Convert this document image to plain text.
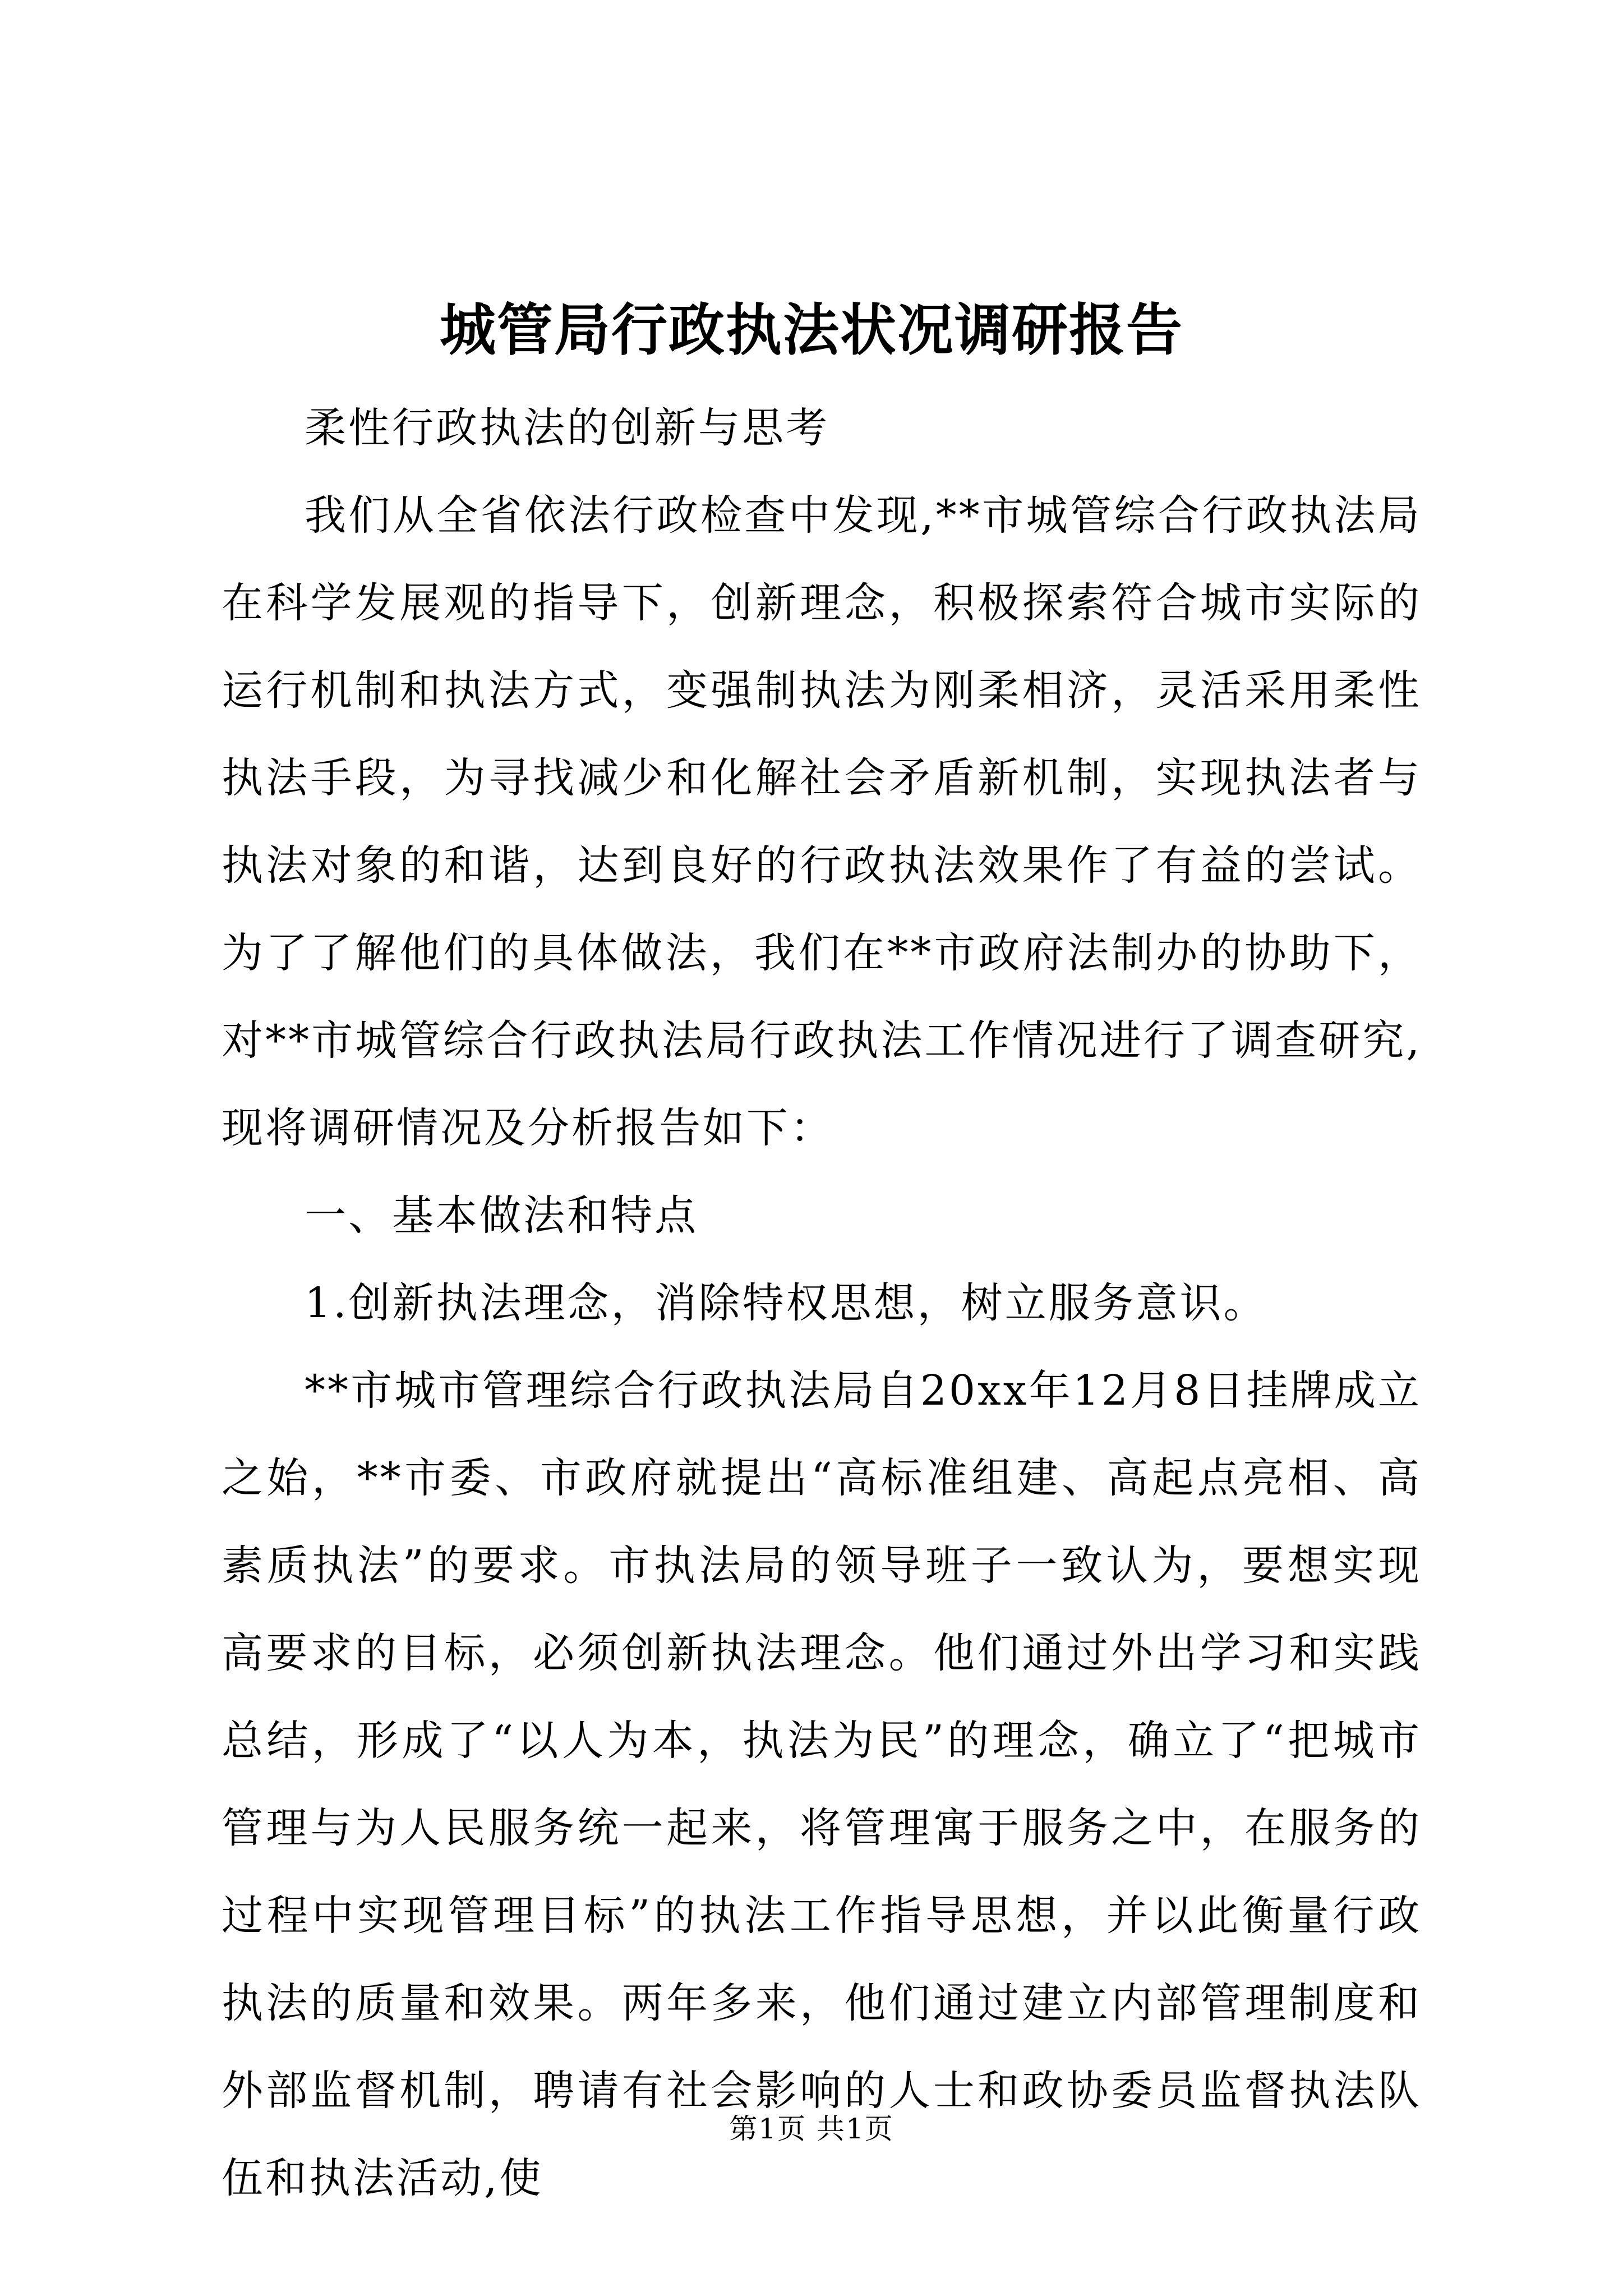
城管局行政执法状况调研报告

柔性行政执法的创新与思考

我们从全省依法行政检查中发现,**市城管综合行政执法局在科学发展观的指导下，创新理念，积极探索符合城市实际的运行机制和执法方式，变强制执法为刚柔相济，灵活采用柔性执法手段，为寻找减少和化解社会矛盾新机制，实现执法者与执法对象的和谐，达到良好的行政执法效果作了有益的尝试。为了了解他们的具体做法，我们在**市政府法制办的协助下，对**市城管综合行政执法局行政执法工作情况进行了调查研究,现将调研情况及分析报告如下：

一、基本做法和特点

1.创新执法理念，消除特权思想，树立服务意识。

**市城市管理综合行政执法局自20xx年12月8日挂牌成立之始，**市委、市政府就提出“高标准组建、高起点亮相、高素质执法”的要求。市执法局的领导班子一致认为，要想实现高要求的目标，必须创新执法理念。他们通过外出学习和实践总结，形成了“以人为本，执法为民”的理念，确立了“把城市管理与为人民服务统一起来，将管理寓于服务之中，在服务的过程中实现管理目标”的执法工作指导思想，并以此衡量行政执法的质量和效果。两年多来，他们通过建立内部管理制度和外部监督机制，聘请有社会影响的人士和政协委员监督执法队伍和执法活动,使

第1页 共1页
